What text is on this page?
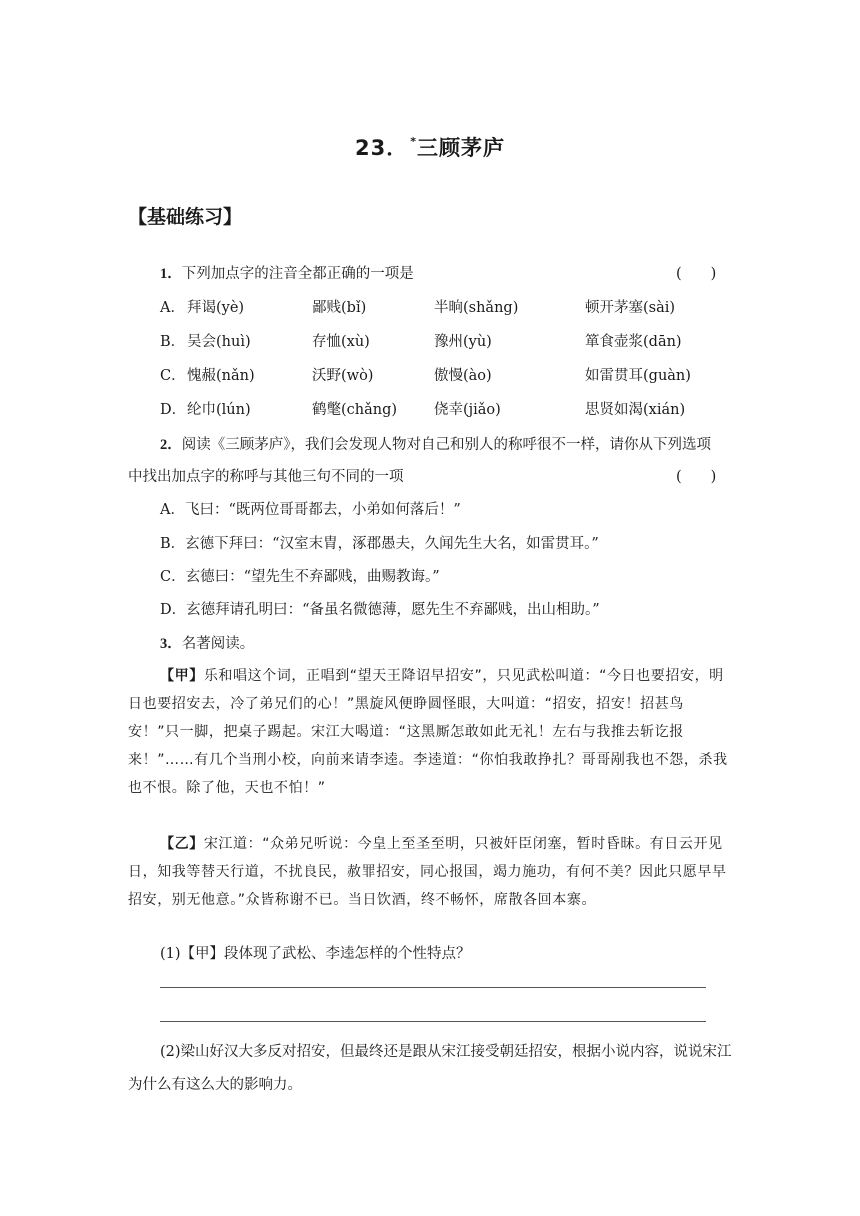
23． *三顾茅庐
【基础练习】
1．下列加点字的注音全都正确的一项是	(　　)
A． 拜谒(yè)	鄙贱(bǐ)	半晌(shǎng)	顿开茅塞(sài)
B． 吴会(huì)	存恤(xù)	豫州(yù)	箪食壶浆(dān)
C． 愧赧(nǎn)	沃野(wò)	傲慢(ào)	如雷贯耳(guàn)
D． 纶巾(lún)	鹤氅(chǎng)	侥幸(jiǎo)	思贤如渴(xián)
2．阅读《三顾茅庐》，我们会发现人物对自己和别人的称呼很不一样，请你从下列选项
中找出加点字的称呼与其他三句不同的一项	(　　)
A．飞曰：“既两位哥哥都去，小弟如何落后！”
B．玄德下拜曰：“汉室末胄，涿郡愚夫，久闻先生大名，如雷贯耳。”
C．玄德曰：“望先生不弃鄙贱，曲赐教诲。”
D．玄德拜请孔明曰：“备虽名微德薄，愿先生不弃鄙贱，出山相助。”
3．名著阅读。
【甲】乐和唱这个词，正唱到“望天王降诏早招安”，只见武松叫道：“今日也要招安，明日也要招安去，冷了弟兄们的心！”黑旋风便睁圆怪眼，大叫道：“招安，招安！招甚鸟安！”只一脚，把桌子踢起。宋江大喝道：“这黑厮怎敢如此无礼！左右与我推去斩讫报来！”……有几个当刑小校，向前来请李逵。李逵道：“你怕我敢挣扎？哥哥剐我也不怨，杀我也不恨。除了他，天也不怕！”
【乙】宋江道：“众弟兄听说：今皇上至圣至明，只被奸臣闭塞，暂时昏昧。有日云开见日，知我等替天行道，不扰良民，赦罪招安，同心报国，竭力施功，有何不美？因此只愿早早招安，别无他意。”众皆称谢不已。当日饮酒，终不畅怀，席散各回本寨。
(1)【甲】段体现了武松、李逵怎样的个性特点？
(2)梁山好汉大多反对招安，但最终还是跟从宋江接受朝廷招安，根据小说内容，说说宋江为什么有这么大的影响力。
